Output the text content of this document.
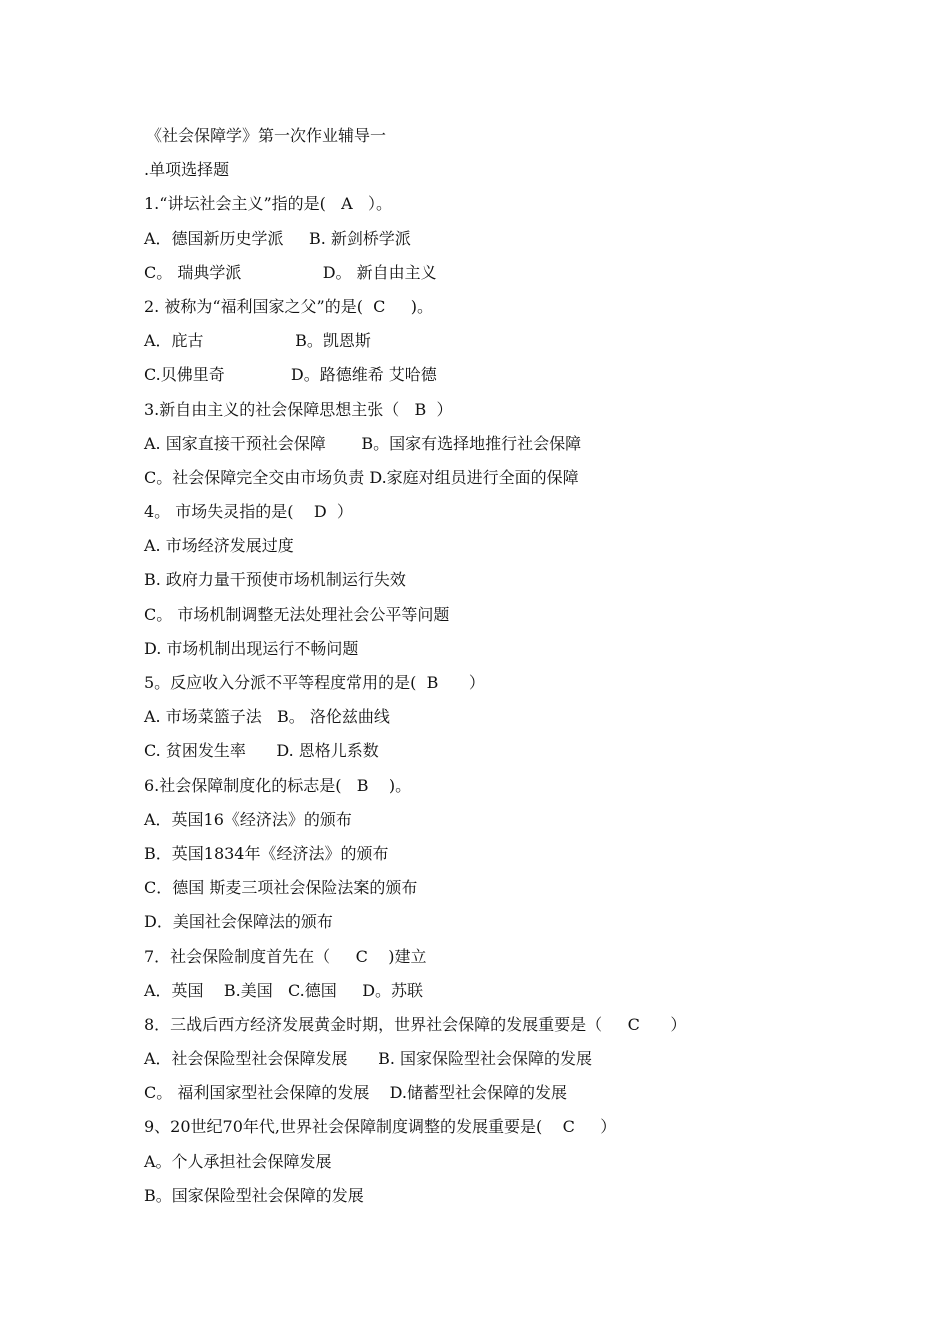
《社会保障学》第一次作业辅导一

.单项选择题

1.“讲坛社会主义”指的是(   A   ）。

A．德国新历史学派     B. 新剑桥学派

C。 瑞典学派                D。 新自由主义

2. 被称为“福利国家之父”的是(  C     )。

A．庇古                  B。凯恩斯

C.贝佛里奇             D。路德维希 艾哈德

3.新自由主义的社会保障思想主张（   B  ）

A. 国家直接干预社会保障       B。国家有选择地推行社会保障

C。社会保障完全交由市场负责 D.家庭对组员进行全面的保障

4。 市场失灵指的是(    D  ）

A. 市场经济发展过度

B. 政府力量干预使市场机制运行失效

C。 市场机制调整无法处理社会公平等问题

D. 市场机制出现运行不畅问题

5。反应收入分派不平等程度常用的是(  B      ）

A. 市场菜篮子法   B。 洛伦兹曲线

C. 贫困发生率      D. 恩格儿系数

6.社会保障制度化的标志是(   B    )。

A．英国16《经济法》的颁布

B．英国1834年《经济法》的颁布

C．德国 斯麦三项社会保险法案的颁布

D．美国社会保障法的颁布

7．社会保险制度首先在（     C    )建立

A．英国    B.美国   C.德国     D。苏联

8．三战后西方经济发展黄金时期，世界社会保障的发展重要是（     C      ）

A．社会保险型社会保障发展      B. 国家保险型社会保障的发展

C。 福利国家型社会保障的发展    D.储蓄型社会保障的发展

9、20世纪70年代,世界社会保障制度调整的发展重要是(    C     ）

A。个人承担社会保障发展

B。国家保险型社会保障的发展
